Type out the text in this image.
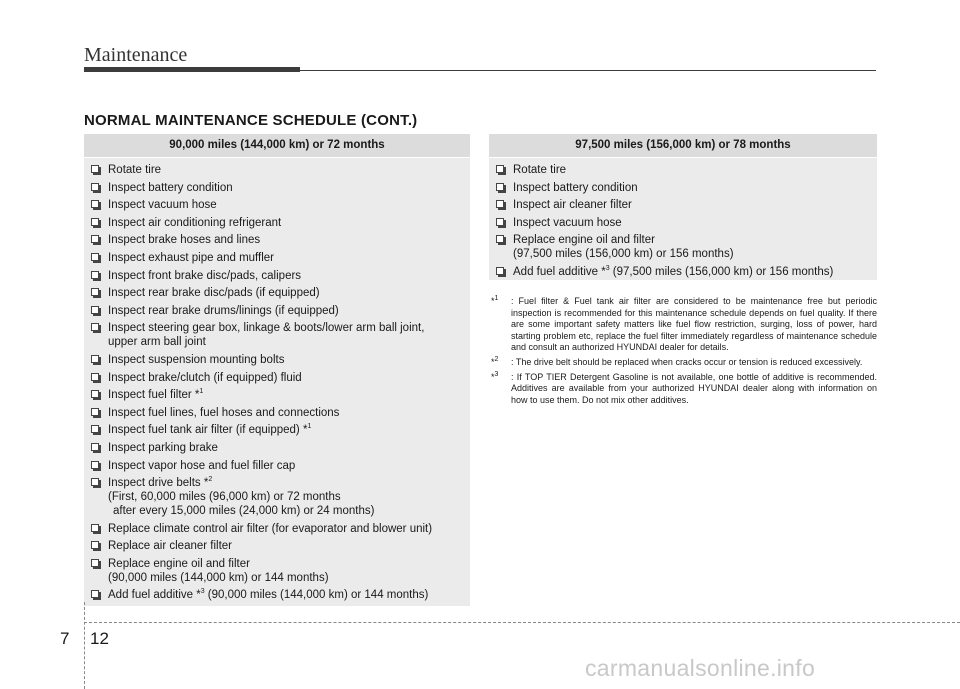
Maintenance
NORMAL MAINTENANCE SCHEDULE (CONT.)
90,000 miles (144,000 km) or 72 months
Rotate tire
Inspect battery condition
Inspect vacuum hose
Inspect air conditioning refrigerant
Inspect brake hoses and lines
Inspect exhaust pipe and muffler
Inspect front brake disc/pads, calipers
Inspect rear brake disc/pads (if equipped)
Inspect rear brake drums/linings (if equipped)
Inspect steering gear box, linkage & boots/lower arm ball joint,
upper arm ball joint
Inspect suspension mounting bolts
Inspect brake/clutch (if equipped) fluid
Inspect fuel filter *$^1$
Inspect fuel lines, fuel hoses and connections
Inspect fuel tank air filter (if equipped) *$^1$
Inspect parking brake
Inspect vapor hose and fuel filler cap
Inspect drive belts *$^2$
(First, 60,000 miles (96,000 km) or 72 months
after every 15,000 miles (24,000 km) or 24 months)
Replace climate control air filter (for evaporator and blower unit)
Replace air cleaner filter
Replace engine oil and filter
(90,000 miles (144,000 km) or 144 months)
Add fuel additive *$^3$ (90,000 miles (144,000 km) or 144 months)
97,500 miles (156,000 km) or 78 months
Rotate tire
Inspect battery condition
Inspect air cleaner filter
Inspect vacuum hose
Replace engine oil and filter
(97,500 miles (156,000 km) or 156 months)
Add fuel additive *$^3$ (97,500 miles (156,000 km) or 156 months)
*$^1$ : Fuel filter & Fuel tank air filter are considered to be maintenance free but periodic inspection is recommended for this maintenance schedule depends on fuel quality. If there are some important safety matters like fuel flow restriction, surging, loss of power, hard starting problem etc, replace the fuel filter immediately regardless of maintenance schedule and consult an authorized HYUNDAI dealer for details.
*$^2$ : The drive belt should be replaced when cracks occur or tension is reduced excessively.
*$^3$ : If TOP TIER Detergent Gasoline is not available, one bottle of additive is recommended. Additives are available from your authorized HYUNDAI dealer along with information on how to use them. Do not mix other additives.
7 12
carmanualsonline.info
